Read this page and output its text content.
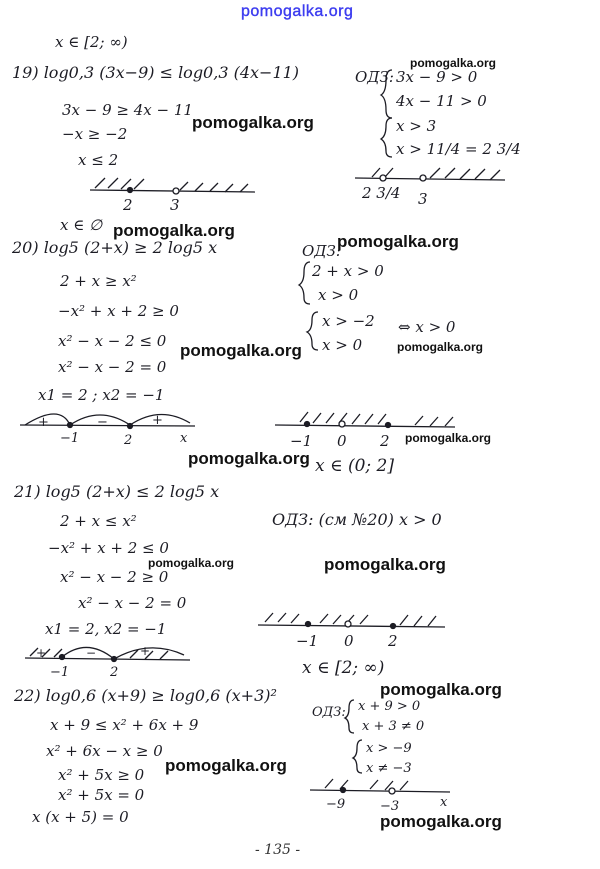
pomogalka.org
x ∈ [2; ∞)
19) log0,3 (3x−9) ≤ log0,3 (4x−11)
3x − 9 ≥ 4x − 11
−x ≥ −2
x ≤ 2
x ∈ ∅
ОДЗ: 3x − 9 > 0
4x − 11 > 0
x > 3
x > 11/4 = 2 3/4
2 3
2 3/4 3
20) log5 (2+x) ≥ 2 log5 x
2 + x ≥ x²
−x² + x + 2 ≥ 0
x² − x − 2 ≤ 0
x² − x − 2 = 0
x1 = 2 ; x2 = −1
ОДЗ:
2 + x > 0
x > 0
x > −2
x > 0
⇔ x > 0
+
−1
−
2
+
x	−1 0 2
x ∈ (0; 2]
21) log5 (2+x) ≤ 2 log5 x
2 + x ≤ x²
−x² + x + 2 ≤ 0
x² − x − 2 ≥ 0
x² − x − 2 = 0
x1 = 2, x2 = −1
ОДЗ: (см №20) x > 0
+
−1
−
2
+
−1 0 2
x ∈ [2; ∞)
22) log0,6 (x+9) ≥ log0,6 (x+3)²
x + 9 ≤ x² + 6x + 9
x² + 6x − x ≥ 0
x² + 5x ≥ 0
x² + 5x = 0
x (x + 5) = 0
ОДЗ: x + 9 > 0
x + 3 ≠ 0
x > −9
x ≠ −3
−9	−3	x
- 135 -
pomogalka.org
pomogalka.org
pomogalka.org
pomogalka.org
pomogalka.org	pomogalka.org
pomogalka.org
pomogalka.org
pomogalka.org	pomogalka.org
pomogalka.org
pomogalka.org
pomogalka.org
